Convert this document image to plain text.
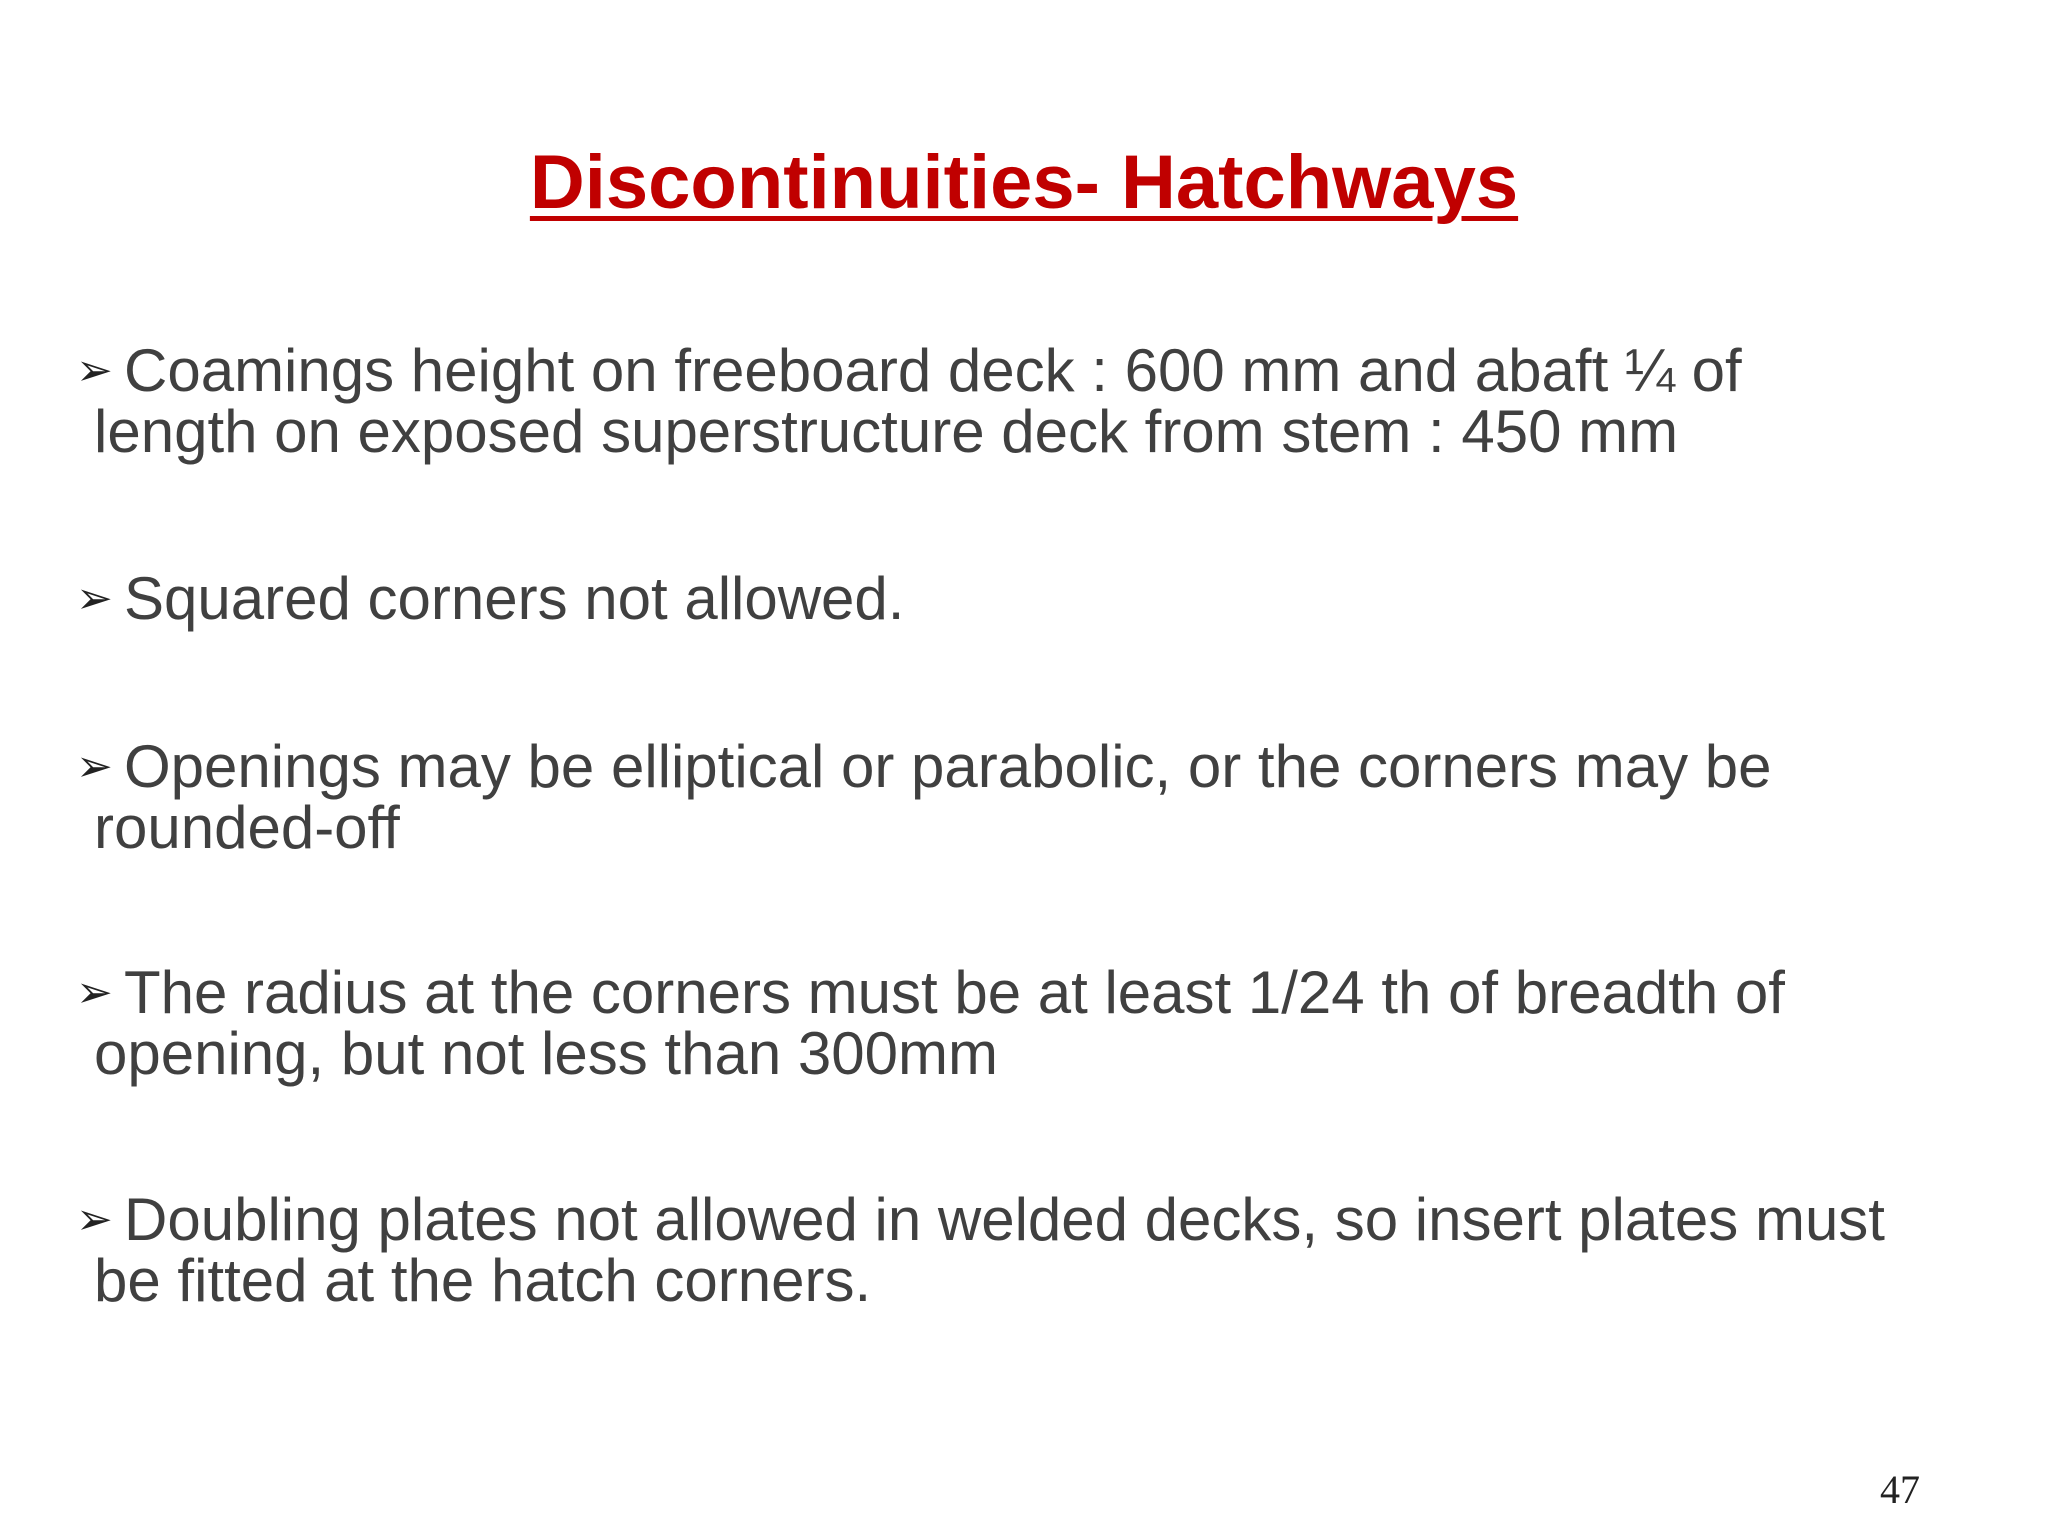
Discontinuities- Hatchways
➢ Coamings height on freeboard deck : 600 mm and abaft ¼ of
length on exposed superstructure deck from stem : 450 mm
➢ Squared corners not allowed.
➢ Openings may be elliptical or parabolic, or the corners may be
rounded-off
➢ The radius at the corners must be at least 1/24 th of breadth of
opening, but not less than 300mm
➢ Doubling plates not allowed in welded decks, so insert plates must
be fitted at the hatch corners.
47
